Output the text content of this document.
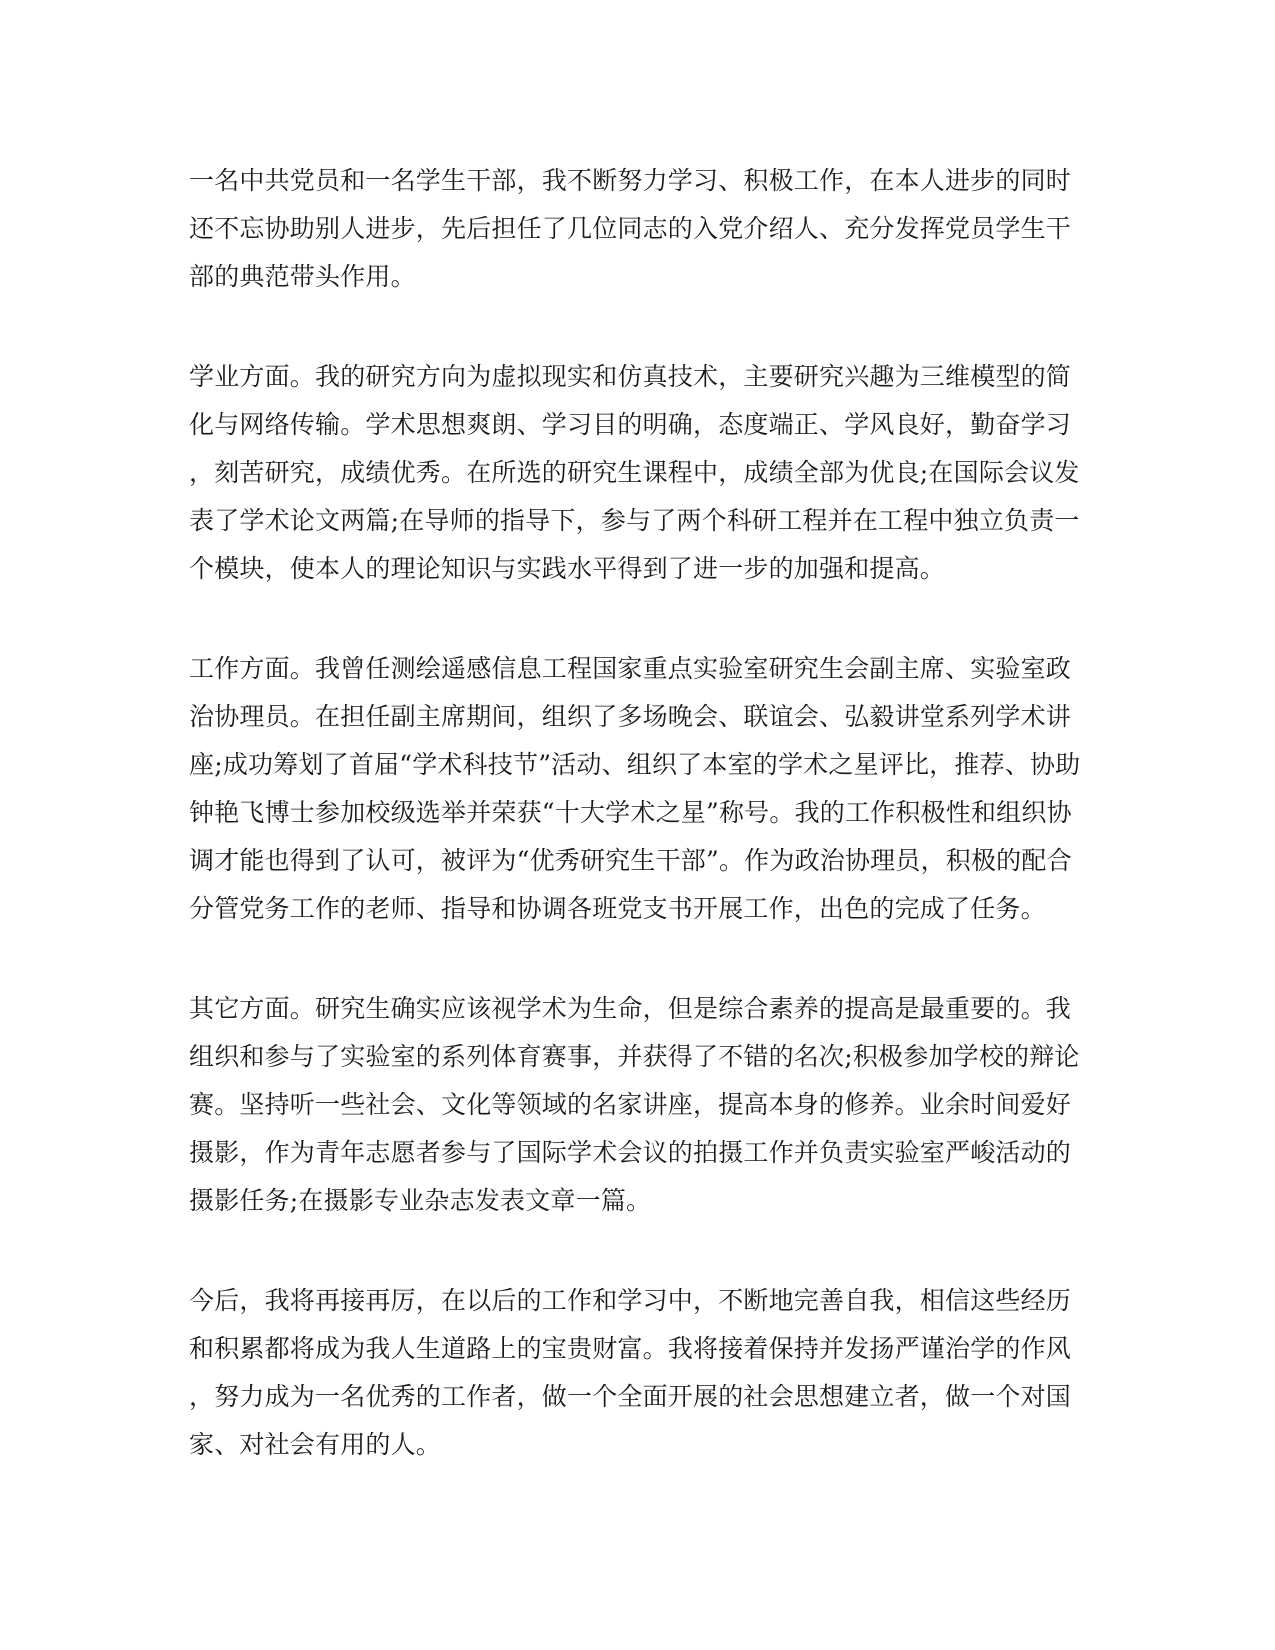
一名中共党员和一名学生干部，我不断努力学习、积极工作，在本人进步的同时
还不忘协助别人进步，先后担任了几位同志的入党介绍人、充分发挥党员学生干
部的典范带头作用。
学业方面。我的研究方向为虚拟现实和仿真技术，主要研究兴趣为三维模型的简
化与网络传输。学术思想爽朗、学习目的明确，态度端正、学风良好，勤奋学习
，刻苦研究，成绩优秀。在所选的研究生课程中，成绩全部为优良;在国际会议发
表了学术论文两篇;在导师的指导下，参与了两个科研工程并在工程中独立负责一
个模块，使本人的理论知识与实践水平得到了进一步的加强和提高。
工作方面。我曾任测绘遥感信息工程国家重点实验室研究生会副主席、实验室政
治协理员。在担任副主席期间，组织了多场晚会、联谊会、弘毅讲堂系列学术讲
座;成功筹划了首届“学术科技节”活动、组织了本室的学术之星评比，推荐、协助
钟艳飞博士参加校级选举并荣获“十大学术之星”称号。我的工作积极性和组织协
调才能也得到了认可，被评为“优秀研究生干部”。作为政治协理员，积极的配合
分管党务工作的老师、指导和协调各班党支书开展工作，出色的完成了任务。
其它方面。研究生确实应该视学术为生命，但是综合素养的提高是最重要的。我
组织和参与了实验室的系列体育赛事，并获得了不错的名次;积极参加学校的辩论
赛。坚持听一些社会、文化等领域的名家讲座，提高本身的修养。业余时间爱好
摄影，作为青年志愿者参与了国际学术会议的拍摄工作并负责实验室严峻活动的
摄影任务;在摄影专业杂志发表文章一篇。
今后，我将再接再厉，在以后的工作和学习中，不断地完善自我，相信这些经历
和积累都将成为我人生道路上的宝贵财富。我将接着保持并发扬严谨治学的作风
，努力成为一名优秀的工作者，做一个全面开展的社会思想建立者，做一个对国
家、对社会有用的人。
